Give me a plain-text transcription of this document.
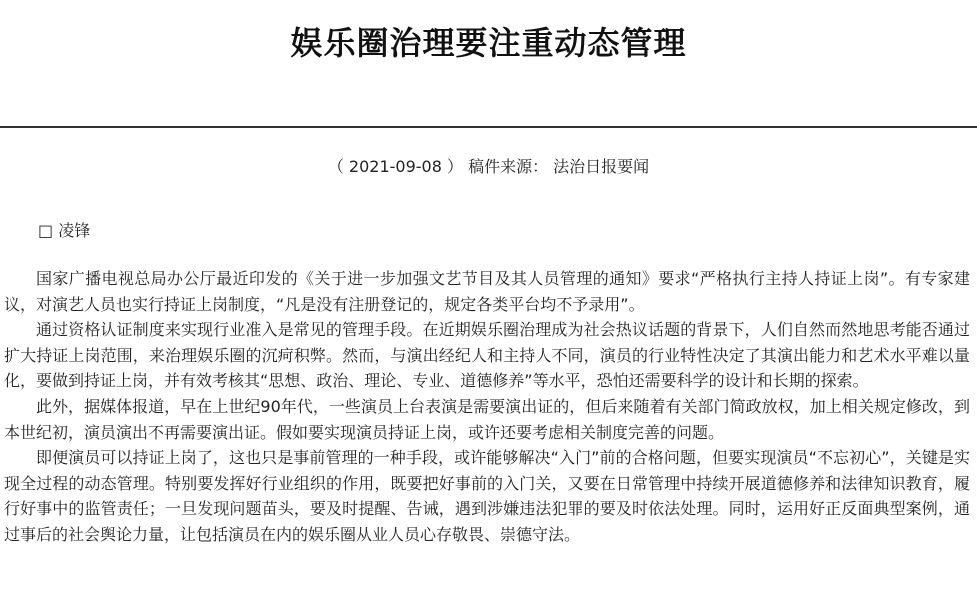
娱乐圈治理要注重动态管理
（ 2021-09-08 ） 稿件来源： 法治日报要闻
□ 凌锋

国家广播电视总局办公厅最近印发的《关于进一步加强文艺节目及其人员管理的通知》要求“严格执行主持人持证上岗”。有专家建议，对演艺人员也实行持证上岗制度，“凡是没有注册登记的，规定各类平台均不予录用”。

通过资格认证制度来实现行业准入是常见的管理手段。在近期娱乐圈治理成为社会热议话题的背景下，人们自然而然地思考能否通过扩大持证上岗范围，来治理娱乐圈的沉疴积弊。然而，与演出经纪人和主持人不同，演员的行业特性决定了其演出能力和艺术水平难以量化，要做到持证上岗，并有效考核其“思想、政治、理论、专业、道德修养”等水平，恐怕还需要科学的设计和长期的探索。

此外，据媒体报道，早在上世纪90年代，一些演员上台表演是需要演出证的，但后来随着有关部门简政放权，加上相关规定修改，到本世纪初，演员演出不再需要演出证。假如要实现演员持证上岗，或许还要考虑相关制度完善的问题。

即便演员可以持证上岗了，这也只是事前管理的一种手段，或许能够解决“入门”前的合格问题，但要实现演员“不忘初心”，关键是实现全过程的动态管理。特别要发挥好行业组织的作用，既要把好事前的入门关，又要在日常管理中持续开展道德修养和法律知识教育，履行好事中的监管责任；一旦发现问题苗头，要及时提醒、告诫，遇到涉嫌违法犯罪的要及时依法处理。同时，运用好正反面典型案例，通过事后的社会舆论力量，让包括演员在内的娱乐圈从业人员心存敬畏、崇德守法。
